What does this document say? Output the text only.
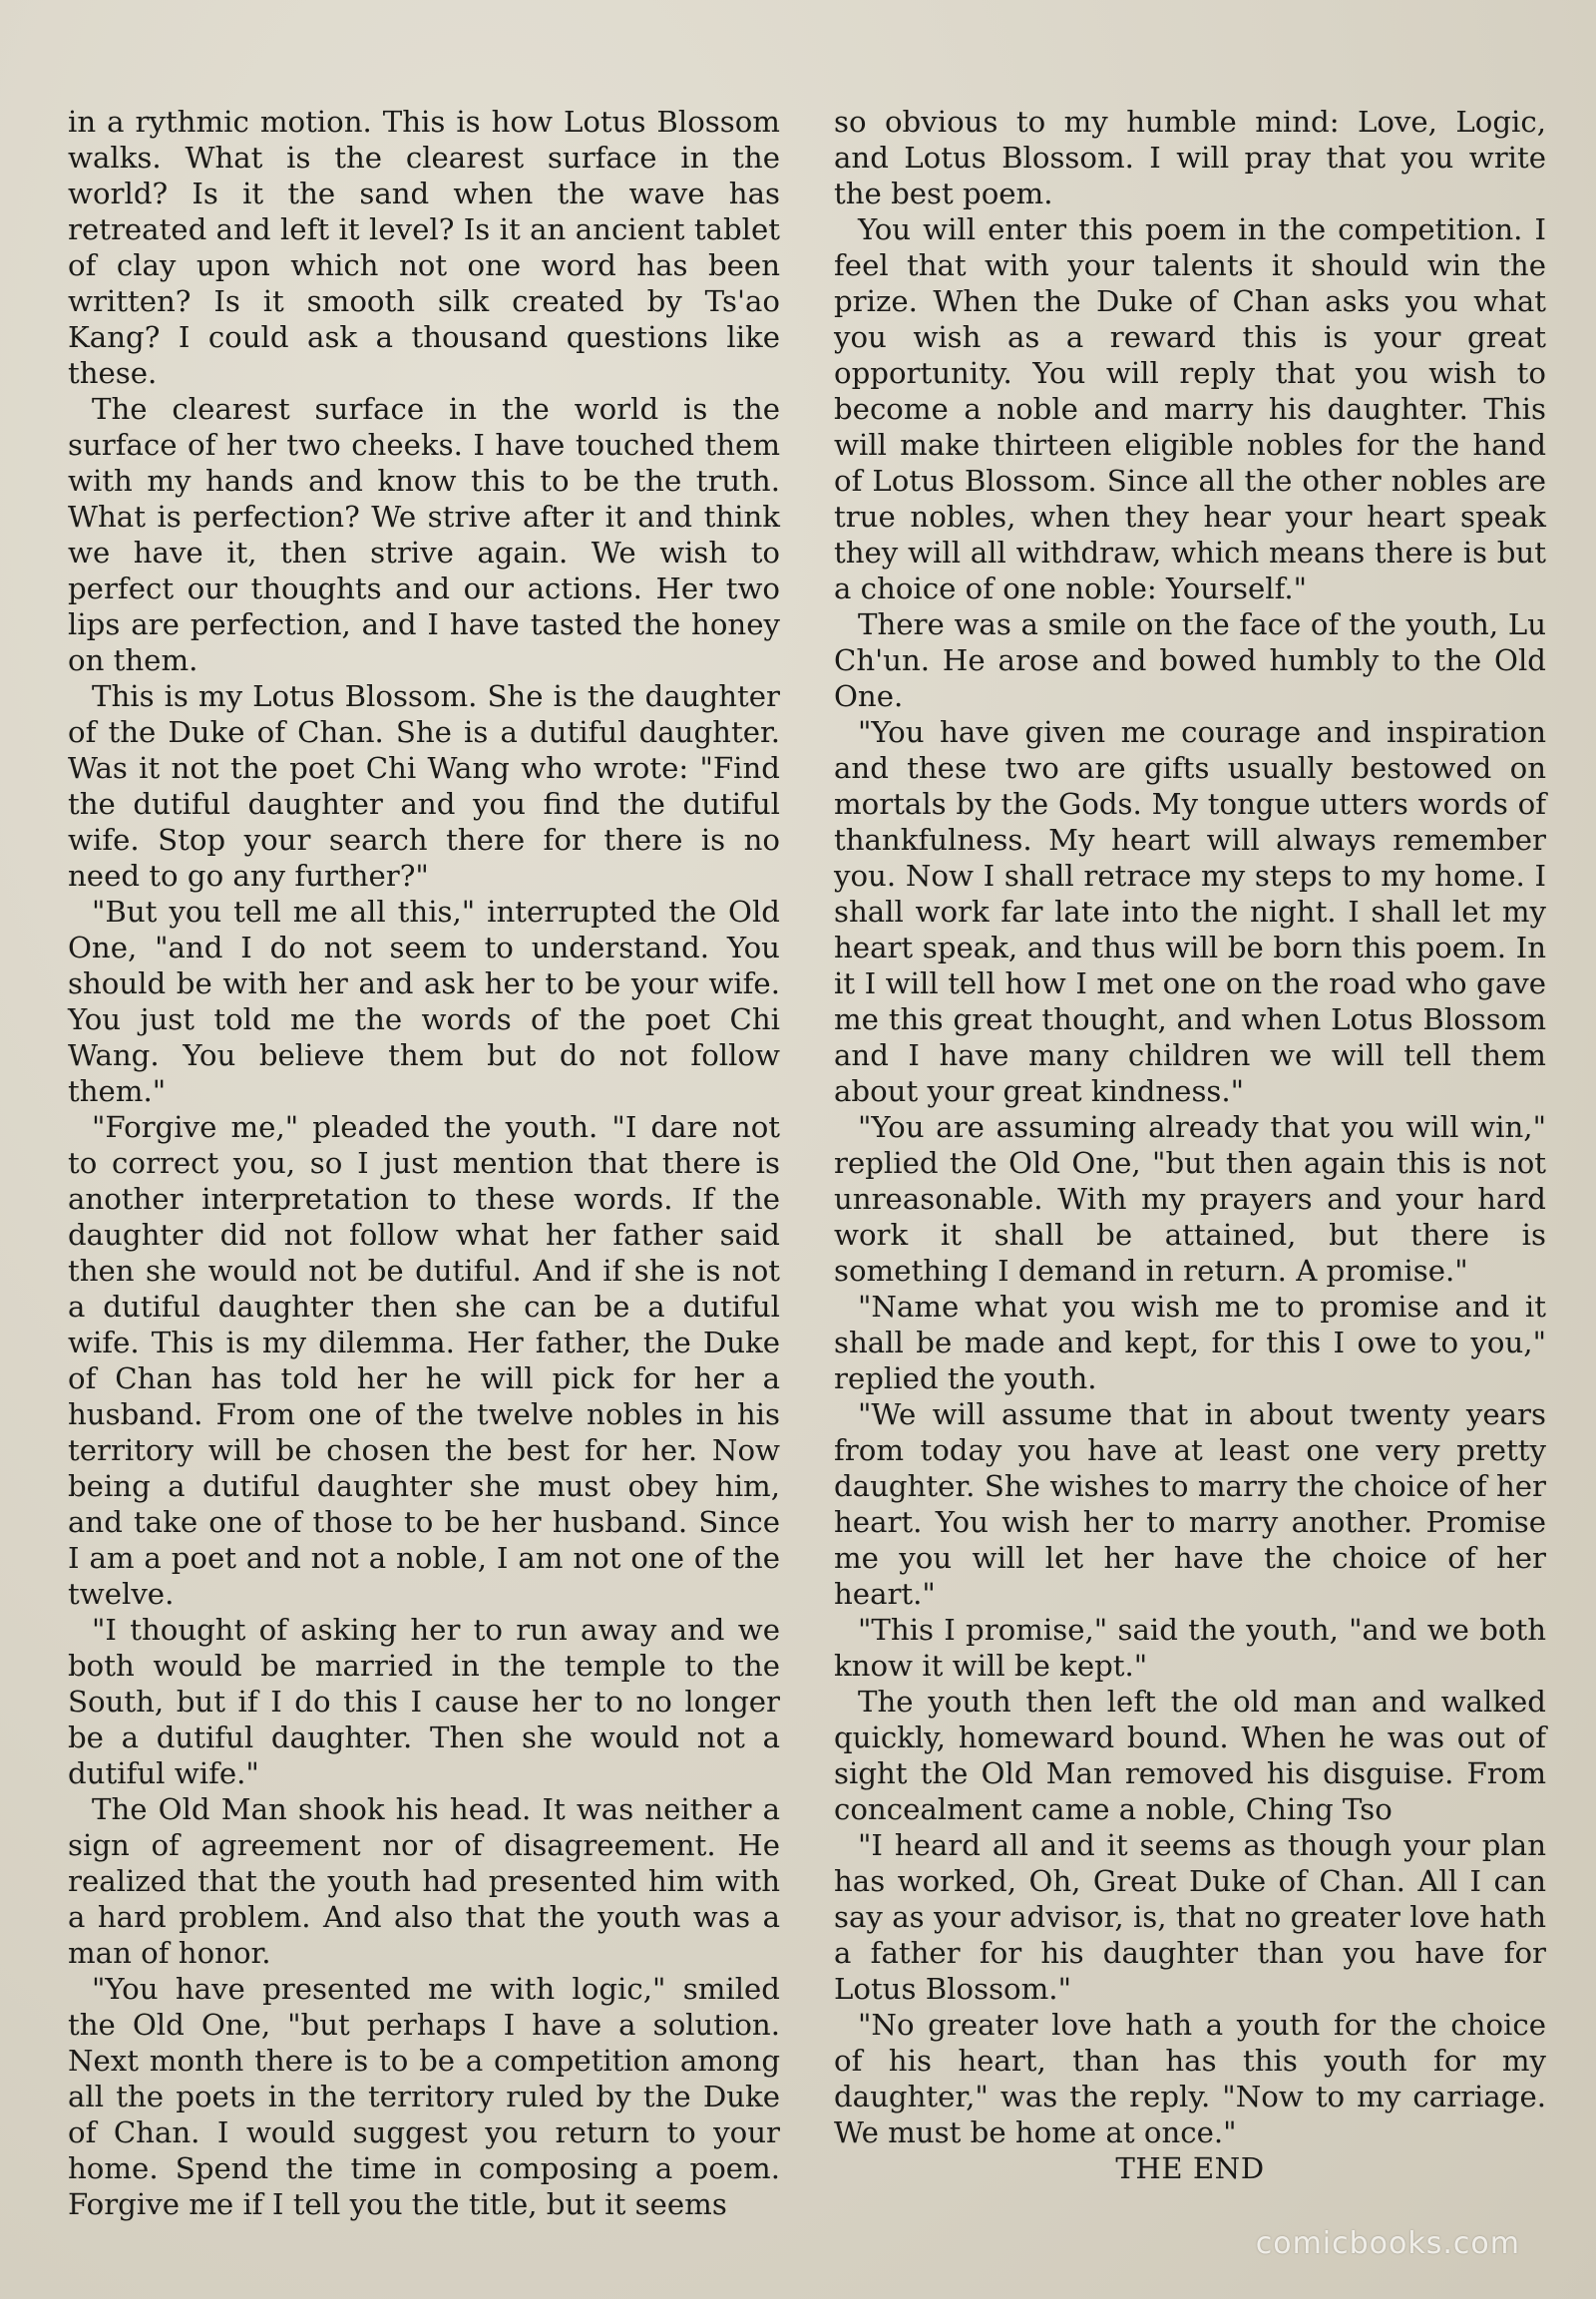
in a rythmic motion. This is how Lotus Blossom walks. What is the clearest surface in the world? Is it the sand when the wave has retreated and left it level? Is it an ancient tablet of clay upon which not one word has been written? Is it smooth silk created by Ts'ao Kang? I could ask a thousand questions like these.

The clearest surface in the world is the surface of her two cheeks. I have touched them with my hands and know this to be the truth. What is perfection? We strive after it and think we have it, then strive again. We wish to perfect our thoughts and our actions. Her two lips are perfection, and I have tasted the honey on them.

This is my Lotus Blossom. She is the daughter of the Duke of Chan. She is a dutiful daughter. Was it not the poet Chi Wang who wrote: "Find the dutiful daughter and you find the dutiful wife. Stop your search there for there is no need to go any further?"

"But you tell me all this," interrupted the Old One, "and I do not seem to understand. You should be with her and ask her to be your wife. You just told me the words of the poet Chi Wang. You believe them but do not follow them."

"Forgive me," pleaded the youth. "I dare not to correct you, so I just mention that there is another interpretation to these words. If the daughter did not follow what her father said then she would not be dutiful. And if she is not a dutiful daughter then she can be a dutiful wife. This is my dilemma. Her father, the Duke of Chan has told her he will pick for her a husband. From one of the twelve nobles in his territory will be chosen the best for her. Now being a dutiful daughter she must obey him, and take one of those to be her husband. Since I am a poet and not a noble, I am not one of the twelve.

"I thought of asking her to run away and we both would be married in the temple to the South, but if I do this I cause her to no longer be a dutiful daughter. Then she would not a dutiful wife."

The Old Man shook his head. It was neither a sign of agreement nor of disagreement. He realized that the youth had presented him with a hard problem. And also that the youth was a man of honor.

"You have presented me with logic," smiled the Old One, "but perhaps I have a solution. Next month there is to be a competition among all the poets in the territory ruled by the Duke of Chan. I would suggest you return to your home. Spend the time in composing a poem. Forgive me if I tell you the title, but it seems

so obvious to my humble mind: Love, Logic, and Lotus Blossom. I will pray that you write the best poem.

You will enter this poem in the competition. I feel that with your talents it should win the prize. When the Duke of Chan asks you what you wish as a reward this is your great opportunity. You will reply that you wish to become a noble and marry his daughter. This will make thirteen eligible nobles for the hand of Lotus Blossom. Since all the other nobles are true nobles, when they hear your heart speak they will all withdraw, which means there is but a choice of one noble: Yourself."

There was a smile on the face of the youth, Lu Ch'un. He arose and bowed humbly to the Old One.

"You have given me courage and inspiration and these two are gifts usually bestowed on mortals by the Gods. My tongue utters words of thankfulness. My heart will always remember you. Now I shall retrace my steps to my home. I shall work far late into the night. I shall let my heart speak, and thus will be born this poem. In it I will tell how I met one on the road who gave me this great thought, and when Lotus Blossom and I have many children we will tell them about your great kindness."

"You are assuming already that you will win," replied the Old One, "but then again this is not unreasonable. With my prayers and your hard work it shall be attained, but there is something I demand in return. A promise."

"Name what you wish me to promise and it shall be made and kept, for this I owe to you," replied the youth.

"We will assume that in about twenty years from today you have at least one very pretty daughter. She wishes to marry the choice of her heart. You wish her to marry another. Promise me you will let her have the choice of her heart."

"This I promise," said the youth, "and we both know it will be kept."

The youth then left the old man and walked quickly, homeward bound. When he was out of sight the Old Man removed his disguise. From concealment came a noble, Ching Tso

"I heard all and it seems as though your plan has worked, Oh, Great Duke of Chan. All I can say as your advisor, is, that no greater love hath a father for his daughter than you have for Lotus Blossom."

"No greater love hath a youth for the choice of his heart, than has this youth for my daughter," was the reply. "Now to my carriage. We must be home at once."

THE END

comicbooks.com
